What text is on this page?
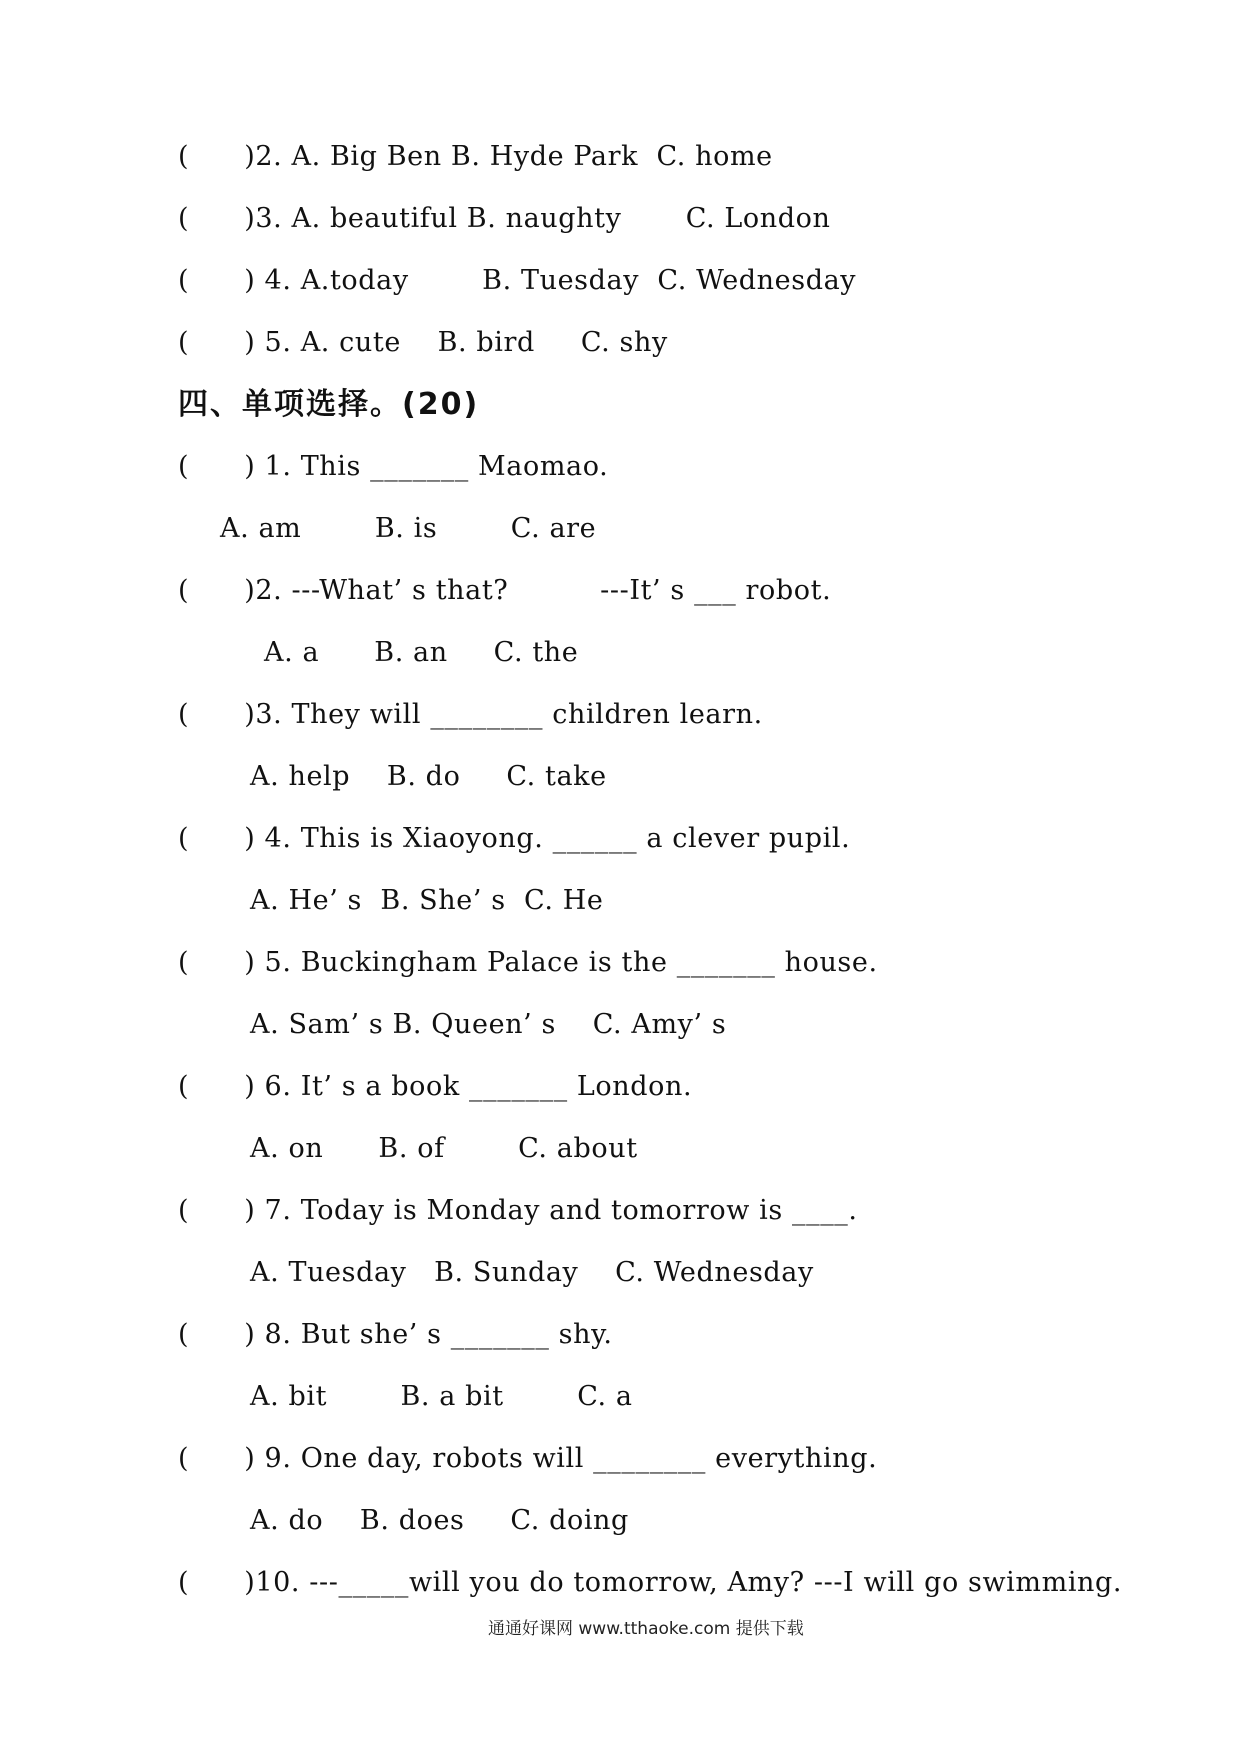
(      )2. A. Big Ben B. Hyde Park  C. home
(      )3. A. beautiful B. naughty       C. London
(      ) 4. A.today        B. Tuesday  C. Wednesday
(      ) 5. A. cute    B. bird     C. shy
四、单项选择。(20)
(      ) 1. This _______ Maomao.
A. am        B. is        C. are
(      )2. ---What’ s that?          ---It’ s ___ robot.
A. a      B. an     C. the
(      )3. They will ________ children learn.
A. help    B. do     C. take
(      ) 4. This is Xiaoyong. ______ a clever pupil.
A. He’ s  B. She’ s  C. He
(      ) 5. Buckingham Palace is the _______ house.
A. Sam’ s B. Queen’ s    C. Amy’ s
(      ) 6. It’ s a book _______ London.
A. on      B. of        C. about
(      ) 7. Today is Monday and tomorrow is ____.
A. Tuesday   B. Sunday    C. Wednesday
(      ) 8. But she’ s _______ shy.
A. bit        B. a bit        C. a
(      ) 9. One day, robots will ________ everything.
A. do    B. does     C. doing
(      )10. ---_____will you do tomorrow, Amy? ---I will go swimming.
通通好课网 www.tthaoke.com 提供下载
